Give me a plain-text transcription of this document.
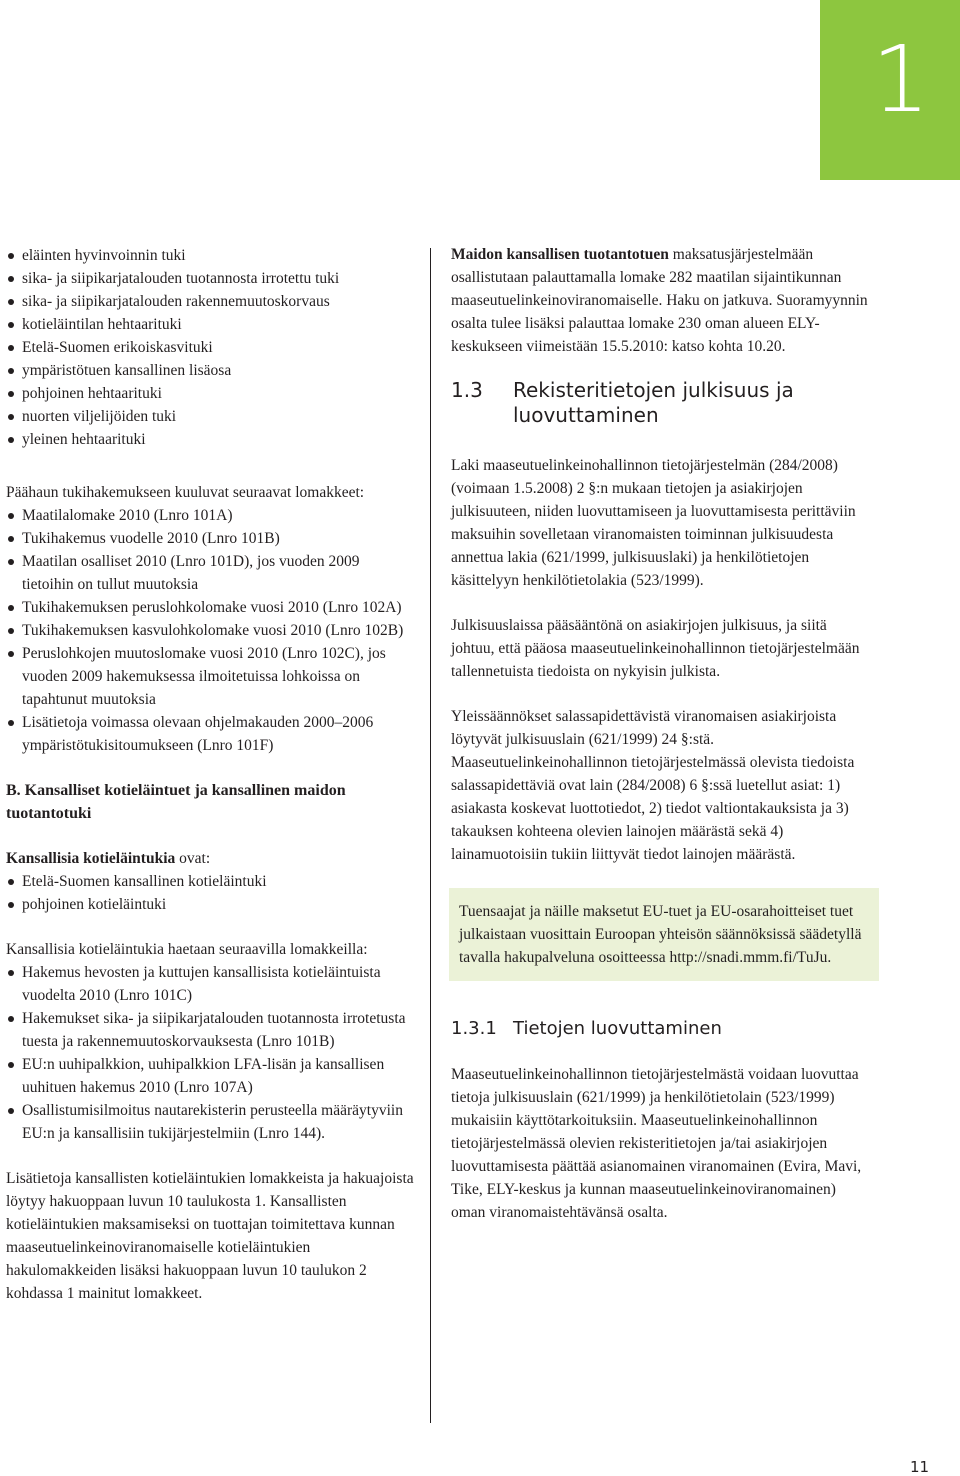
1
eläinten hyvinvoinnin tuki
sika- ja siipikarjatalouden tuotannosta irrotettu tuki
sika- ja siipikarjatalouden rakennemuutoskorvaus
kotieläintilan hehtaarituki
Etelä-Suomen erikoiskasvituki
ympäristötuen kansallinen lisäosa
pohjoinen hehtaarituki
nuorten viljelijöiden tuki
yleinen hehtaarituki

Päähaun tukihakemukseen kuuluvat seuraavat lomakkeet:

Maatilalomake 2010 (Lnro 101A)
Tukihakemus vuodelle 2010 (Lnro 101B)
Maatilan osalliset 2010 (Lnro 101D), jos vuoden 2009 tietoihin on tullut muutoksia
Tukihakemuksen peruslohkolomake vuosi 2010 (Lnro 102A)
Tukihakemuksen kasvulohkolomake vuosi 2010 (Lnro 102B)
Peruslohkojen muutoslomake vuosi 2010 (Lnro 102C), jos vuoden 2009 hakemuksessa ilmoitetuissa lohkoissa on tapahtunut muutoksia
Lisätietoja voimassa olevaan ohjelmakauden 2000–2006 ympäristötukisitoumukseen (Lnro 101F)

B. Kansalliset kotieläintuet ja kansallinen maidon tuotantotuki

Kansallisia kotieläintukia ovat:

Etelä-Suomen kansallinen kotieläintuki
pohjoinen kotieläintuki

Kansallisia kotieläintukia haetaan seuraavilla lomakkeilla:

Hakemus hevosten ja kuttujen kansallisista kotieläintuista vuodelta 2010 (Lnro 101C)
Hakemukset sika- ja siipikarjatalouden tuotannosta irrotetusta tuesta ja rakennemuutoskorvauksesta (Lnro 101B)
EU:n uuhipalkkion, uuhipalkkion LFA-lisän ja kansallisen uuhituen hakemus 2010 (Lnro 107A)
Osallistumisilmoitus nautarekisterin perusteella määräytyviin EU:n ja kansallisiin tukijärjestelmiin (Lnro 144).

Lisätietoja kansallisten kotieläintukien lomakkeista ja hakuajoista löytyy hakuoppaan luvun 10 taulukosta 1. Kansallisten kotieläintukien maksamiseksi on tuottajan toimitettava kunnan maaseutuelinkeinoviranomaiselle kotieläintukien hakulomakkeiden lisäksi hakuoppaan luvun 10 taulukon 2 kohdassa 1 mainitut lomakkeet.

Maidon kansallisen tuotantotuen maksatusjärjestelmään osallistutaan palauttamalla lomake 282 maatilan sijaintikunnan maaseutuelinkeinoviranomaiselle. Haku on jatkuva. Suoramyynnin osalta tulee lisäksi palauttaa lomake 230 oman alueen ELY-keskukseen viimeistään 15.5.2010: katso kohta 10.20.

1.3 Rekisteritietojen julkisuus ja luovuttaminen

Laki maaseutuelinkeinohallinnon tietojärjestelmän (284/2008) (voimaan 1.5.2008) 2 §:n mukaan tietojen ja asiakirjojen julkisuuteen, niiden luovuttamiseen ja luovuttamisesta perittäviin maksuihin sovelletaan viranomaisten toiminnan julkisuudesta annettua lakia (621/1999, julkisuuslaki) ja henkilötietojen käsittelyyn henkilötietolakia (523/1999).

Julkisuuslaissa pääsääntönä on asiakirjojen julkisuus, ja siitä johtuu, että pääosa maaseutuelinkeinohallinnon tietojärjestelmään tallennetuista tiedoista on nykyisin julkista.

Yleissäännökset salassapidettävistä viranomaisen asiakirjoista löytyvät julkisuuslain (621/1999) 24 §:stä. Maaseutuelinkeinohallinnon tietojärjestelmässä olevista tiedoista salassapidettäviä ovat lain (284/2008) 6 §:ssä luetellut asiat: 1) asiakasta koskevat luottotiedot, 2) tiedot valtiontakauksista ja 3) takauksen kohteena olevien lainojen määrästä sekä 4) lainamuotoisiin tukiin liittyvät tiedot lainojen määrästä.

Tuensaajat ja näille maksetut EU-tuet ja EU-osarahoitteiset tuet julkaistaan vuosittain Euroopan yhteisön säännöksissä säädetyllä tavalla hakupalveluna osoitteessa http://snadi.mmm.fi/TuJu.

1.3.1 Tietojen luovuttaminen

Maaseutuelinkeinohallinnon tietojärjestelmästä voidaan luovuttaa tietoja julkisuuslain (621/1999) ja henkilötietolain (523/1999) mukaisiin käyttötarkoituksiin. Maaseutuelinkeinohallinnon tietojärjestelmässä olevien rekisteritietojen ja/tai asiakirjojen luovuttamisesta päättää asianomainen viranomainen (Evira, Mavi, Tike, ELY-keskus ja kunnan maaseutuelinkeinoviranomainen) oman viranomaistehtävänsä osalta.

11
